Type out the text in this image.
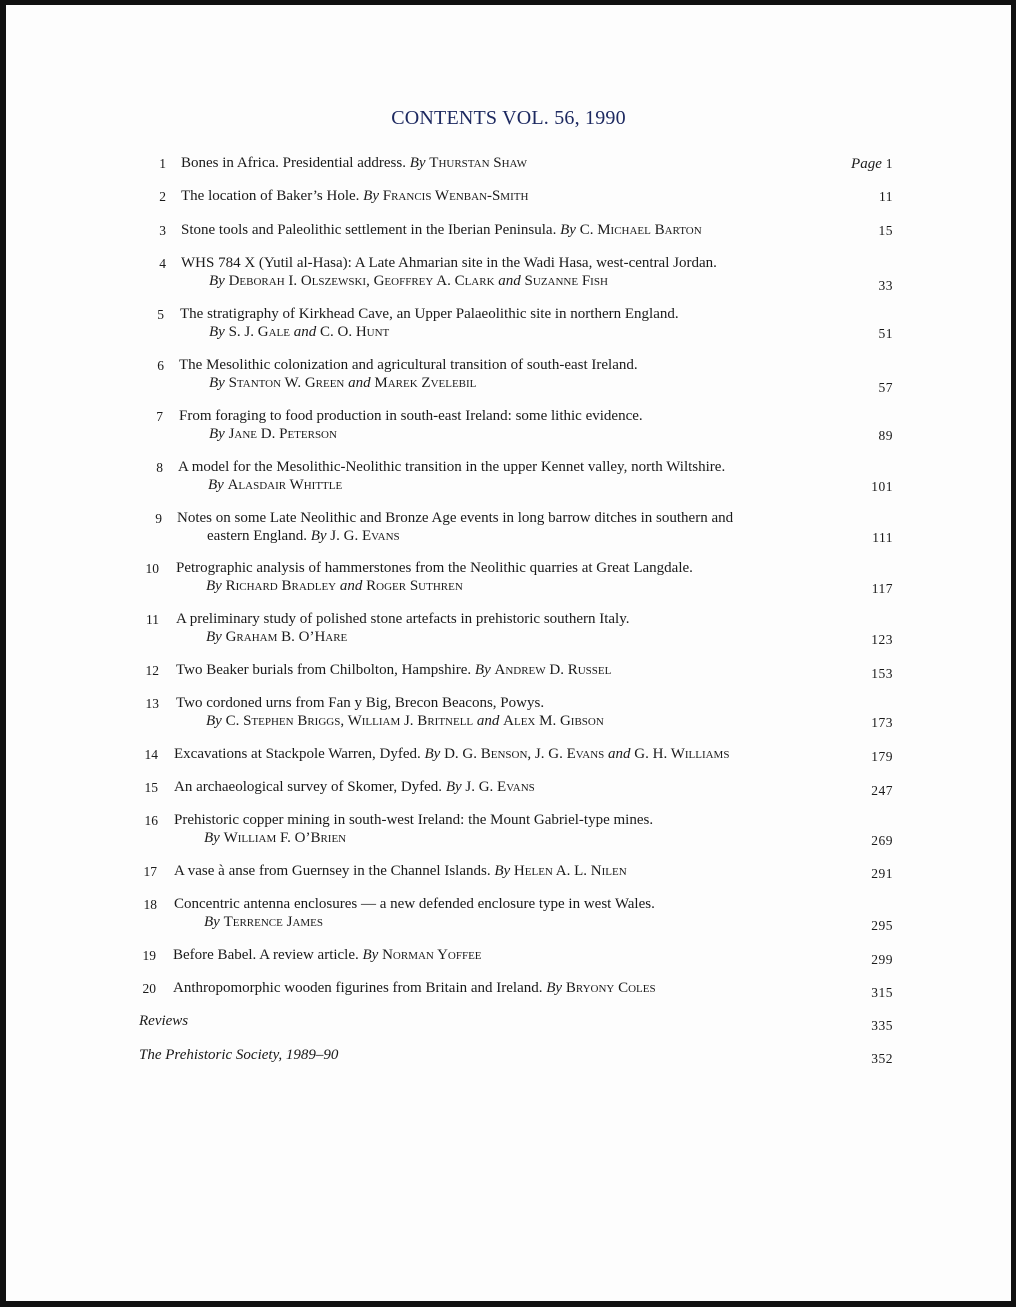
CONTENTS VOL. 56, 1990
1 Bones in Africa. Presidential address. By Thurstan Shaw	Page 1
2 The location of Baker’s Hole. By Francis Wenban-Smith	11
3 Stone tools and Paleolithic settlement in the Iberian Peninsula. By C. Michael Barton	15
4 WHS 784 X (Yutil al-Hasa): A Late Ahmarian site in the Wadi Hasa, west-central Jordan.
By Deborah I. Olszewski, Geoffrey A. Clark and Suzanne Fish	33
5 The stratigraphy of Kirkhead Cave, an Upper Palaeolithic site in northern England.
By S. J. Gale and C. O. Hunt	51
6 The Mesolithic colonization and agricultural transition of south-east Ireland.
By Stanton W. Green and Marek Zvelebil	57
7 From foraging to food production in south-east Ireland: some lithic evidence.
By Jane D. Peterson	89
8 A model for the Mesolithic-Neolithic transition in the upper Kennet valley, north Wiltshire.
By Alasdair Whittle	101
9 Notes on some Late Neolithic and Bronze Age events in long barrow ditches in southern and
eastern England. By J. G. Evans	111
10 Petrographic analysis of hammerstones from the Neolithic quarries at Great Langdale.
By Richard Bradley and Roger Suthren	117
11 A preliminary study of polished stone artefacts in prehistoric southern Italy.
By Graham B. O’Hare	123
12 Two Beaker burials from Chilbolton, Hampshire. By Andrew D. Russel	153
13 Two cordoned urns from Fan y Big, Brecon Beacons, Powys.
By C. Stephen Briggs, William J. Britnell and Alex M. Gibson	173
14 Excavations at Stackpole Warren, Dyfed. By D. G. Benson, J. G. Evans and G. H. Williams	179
15 An archaeological survey of Skomer, Dyfed. By J. G. Evans	247
16 Prehistoric copper mining in south-west Ireland: the Mount Gabriel-type mines.
By William F. O’Brien	269
17 A vase à anse from Guernsey in the Channel Islands. By Helen A. L. Nilen	291
18 Concentric antenna enclosures — a new defended enclosure type in west Wales.
By Terrence James	295
19 Before Babel. A review article. By Norman Yoffee	299
20 Anthropomorphic wooden figurines from Britain and Ireland. By Bryony Coles	315
Reviews	335
The Prehistoric Society, 1989–90	352
